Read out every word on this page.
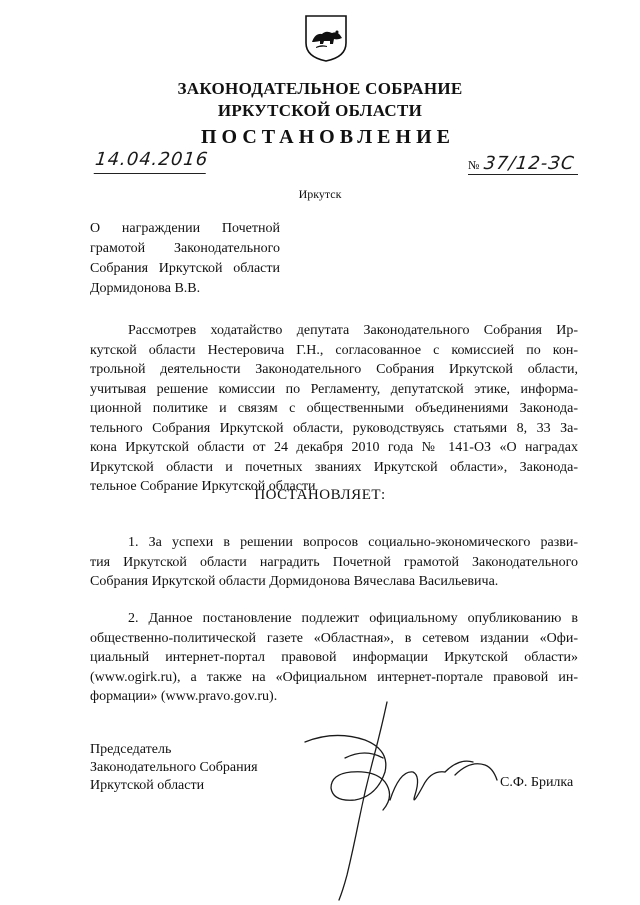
ЗАКОНОДАТЕЛЬНОЕ СОБРАНИЕ
ИРКУТСКОЙ ОБЛАСТИ
ПОСТАНОВЛЕНИЕ
14.04.2016	№ 37/12-ЗС
Иркутск
О награждении Почетной
грамотой Законодательного
Собрания Иркутской области
Дормидонова В.В.
Рассмотрев ходатайство депутата Законодательного Собрания Ир-
кутской области Нестеровича Г.Н., согласованное с комиссией по кон-
трольной деятельности Законодательного Собрания Иркутской области,
учитывая решение комиссии по Регламенту, депутатской этике, информа-
ционной политике и связям с общественными объединениями Законода-
тельного Собрания Иркутской области, руководствуясь статьями 8, 33 За-
кона Иркутской области от 24 декабря 2010 года № 141-ОЗ «О наградах
Иркутской области и почетных званиях Иркутской области», Законода-
тельное Собрание Иркутской области
ПОСТАНОВЛЯЕТ:
1. За успехи в решении вопросов социально-экономического разви-
тия Иркутской области наградить Почетной грамотой Законодательного
Собрания Иркутской области Дормидонова Вячеслава Васильевича.
2. Данное постановление подлежит официальному опубликованию в
общественно-политической газете «Областная», в сетевом издании «Офи-
циальный интернет-портал правовой информации Иркутской области»
(www.ogirk.ru), а также на «Официальном интернет-портале правовой ин-
формации» (www.pravo.gov.ru).
Председатель
Законодательного Собрания
Иркутской области	С.Ф. Брилка
